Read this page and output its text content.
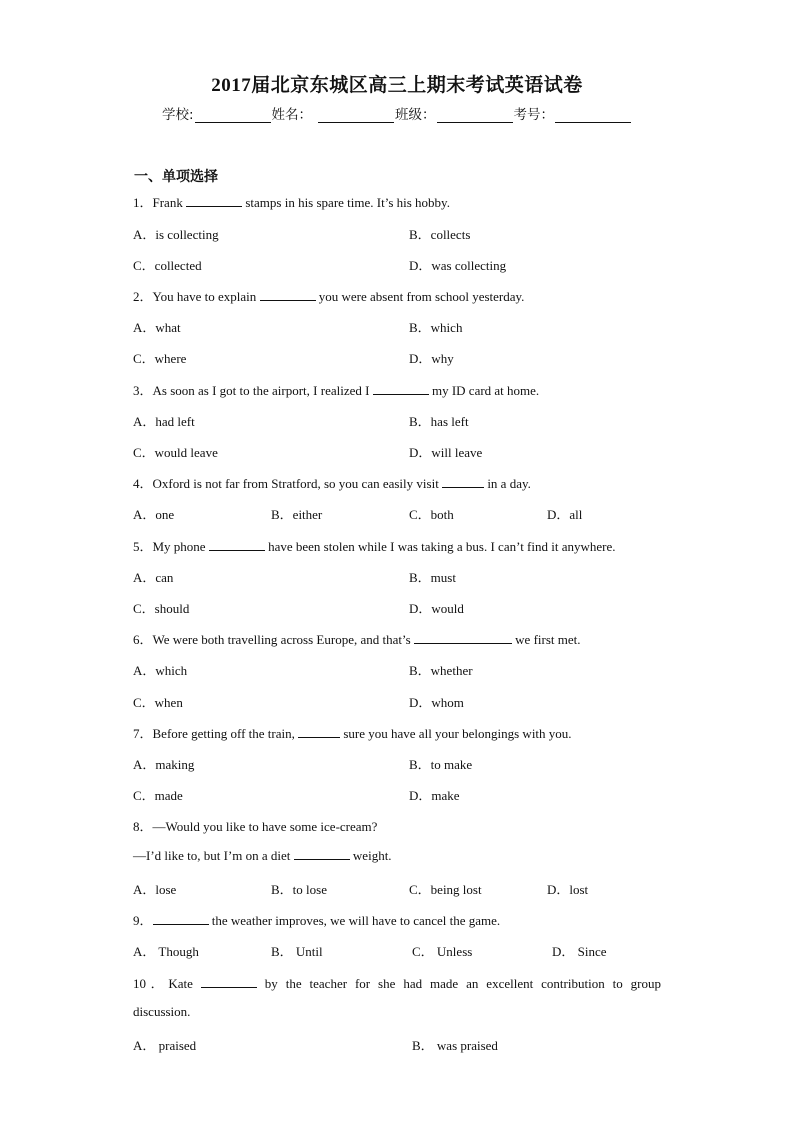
2017届北京东城区高三上期末考试英语试卷
学校:	姓名：	班级：	考号：
一、单项选择
1．Frank	stamps in his spare time. It’s his hobby.
A．is collecting	B．collects
C．collected	D．was collecting
2．You have to explain	you were absent from school yesterday.
A．what	B．which
C．where	D．why
3．As soon as I got to the airport, I realized I	my ID card at home.
A．had left	B．has left
C．would leave	D．will leave
4．Oxford is not far from Stratford, so you can easily visit	in a day.
A．one	B．either	C．both	D．all
5．My phone	have been stolen while I was taking a bus. I can’t find it anywhere.
A．can	B．must
C．should	D．would
6．We were both travelling across Europe, and that’s	we first met.
A．which	B．whether
C．when	D．whom
7．Before getting off the train,	sure you have all your belongings with you.
A．making	B．to make
C．made	D．make
8．—Would you like to have some ice-cream?
—I’d like to, but I’m on a diet	weight.
A．lose	B．to lose	C．being lost	D．lost
9．	the weather improves, we will have to cancel the game.
A． Though	B． Until	C． Unless	D． Since
10．Kate	by the teacher for she had made an excellent contribution to group
discussion.
A． praised	B． was praised
